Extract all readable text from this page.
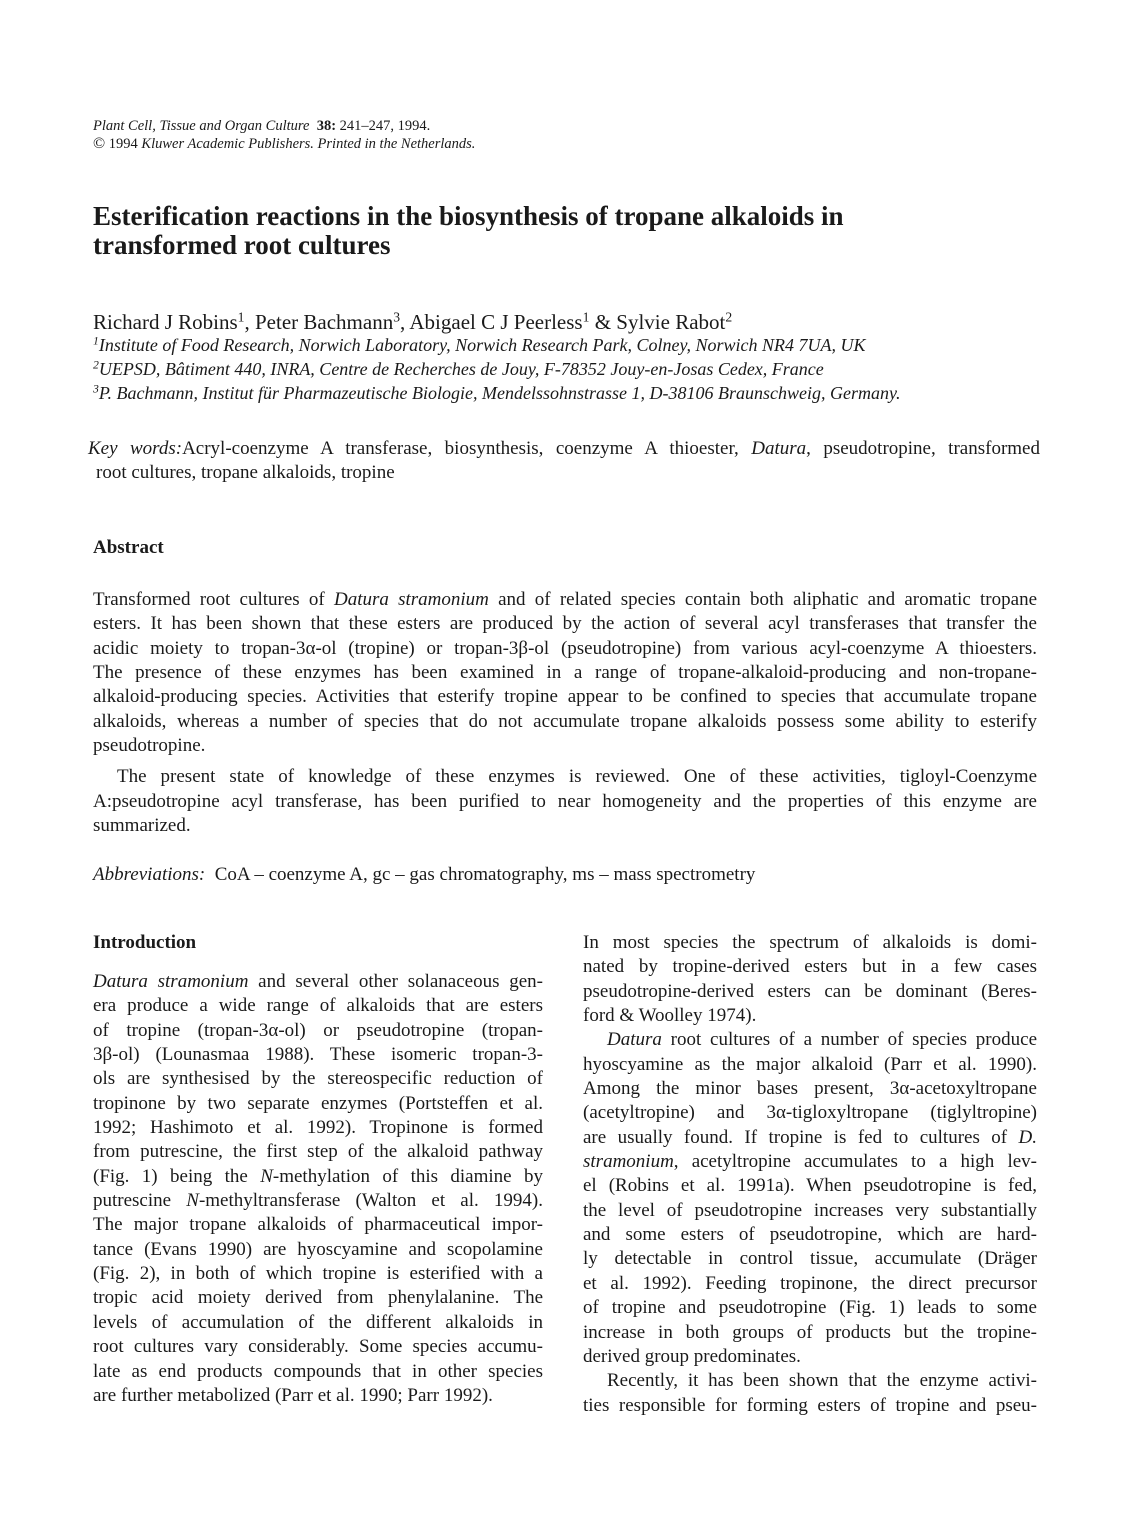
Plant Cell, Tissue and Organ Culture 38: 241–247, 1994.
© 1994 Kluwer Academic Publishers. Printed in the Netherlands.
Esterification reactions in the biosynthesis of tropane alkaloids in transformed root cultures
Richard J Robins$^1$, Peter Bachmann$^3$, Abigael C J Peerless$^1$ & Sylvie Rabot$^2$
$^1$Institute of Food Research, Norwich Laboratory, Norwich Research Park, Colney, Norwich NR4 7UA, UK
$^2$UEPSD, Bâtiment 440, INRA, Centre de Recherches de Jouy, F-78352 Jouy-en-Josas Cedex, France
$^3$P. Bachmann, Institut für Pharmazeutische Biologie, Mendelssohnstrasse 1, D-38106 Braunschweig, Germany.
Key words:Acryl-coenzyme A transferase, biosynthesis, coenzyme A thioester, Datura, pseudotropine, transformed
root cultures, tropane alkaloids, tropine
Abstract
Transformed root cultures of Datura stramonium and of related species contain both aliphatic and aromatic tropane
esters. It has been shown that these esters are produced by the action of several acyl transferases that transfer the
acidic moiety to tropan-3α-ol (tropine) or tropan-3β-ol (pseudotropine) from various acyl-coenzyme A thioesters.
The presence of these enzymes has been examined in a range of tropane-alkaloid-producing and non-tropane-
alkaloid-producing species. Activities that esterify tropine appear to be confined to species that accumulate tropane
alkaloids, whereas a number of species that do not accumulate tropane alkaloids possess some ability to esterify
pseudotropine.
The present state of knowledge of these enzymes is reviewed. One of these activities, tigloyl-Coenzyme
A:pseudotropine acyl transferase, has been purified to near homogeneity and the properties of this enzyme are
summarized.
Abbreviations: CoA – coenzyme A, gc – gas chromatography, ms – mass spectrometry
Introduction
Datura stramonium and several other solanaceous gen-
era produce a wide range of alkaloids that are esters
of tropine (tropan-3α-ol) or pseudotropine (tropan-
3β-ol) (Lounasmaa 1988). These isomeric tropan-3-
ols are synthesised by the stereospecific reduction of
tropinone by two separate enzymes (Portsteffen et al.
1992; Hashimoto et al. 1992). Tropinone is formed
from putrescine, the first step of the alkaloid pathway
(Fig. 1) being the N-methylation of this diamine by
putrescine N-methyltransferase (Walton et al. 1994).
The major tropane alkaloids of pharmaceutical impor-
tance (Evans 1990) are hyoscyamine and scopolamine
(Fig. 2), in both of which tropine is esterified with a
tropic acid moiety derived from phenylalanine. The
levels of accumulation of the different alkaloids in
root cultures vary considerably. Some species accumu-
late as end products compounds that in other species
are further metabolized (Parr et al. 1990; Parr 1992).
In most species the spectrum of alkaloids is domi-
nated by tropine-derived esters but in a few cases
pseudotropine-derived esters can be dominant (Beres-
ford & Woolley 1974).
Datura root cultures of a number of species produce
hyoscyamine as the major alkaloid (Parr et al. 1990).
Among the minor bases present, 3α-acetoxyltropane
(acetyltropine) and 3α-tigloxyltropane (tiglyltropine)
are usually found. If tropine is fed to cultures of D.
stramonium, acetyltropine accumulates to a high lev-
el (Robins et al. 1991a). When pseudotropine is fed,
the level of pseudotropine increases very substantially
and some esters of pseudotropine, which are hard-
ly detectable in control tissue, accumulate (Dräger
et al. 1992). Feeding tropinone, the direct precursor
of tropine and pseudotropine (Fig. 1) leads to some
increase in both groups of products but the tropine-
derived group predominates.
Recently, it has been shown that the enzyme activi-
ties responsible for forming esters of tropine and pseu-
